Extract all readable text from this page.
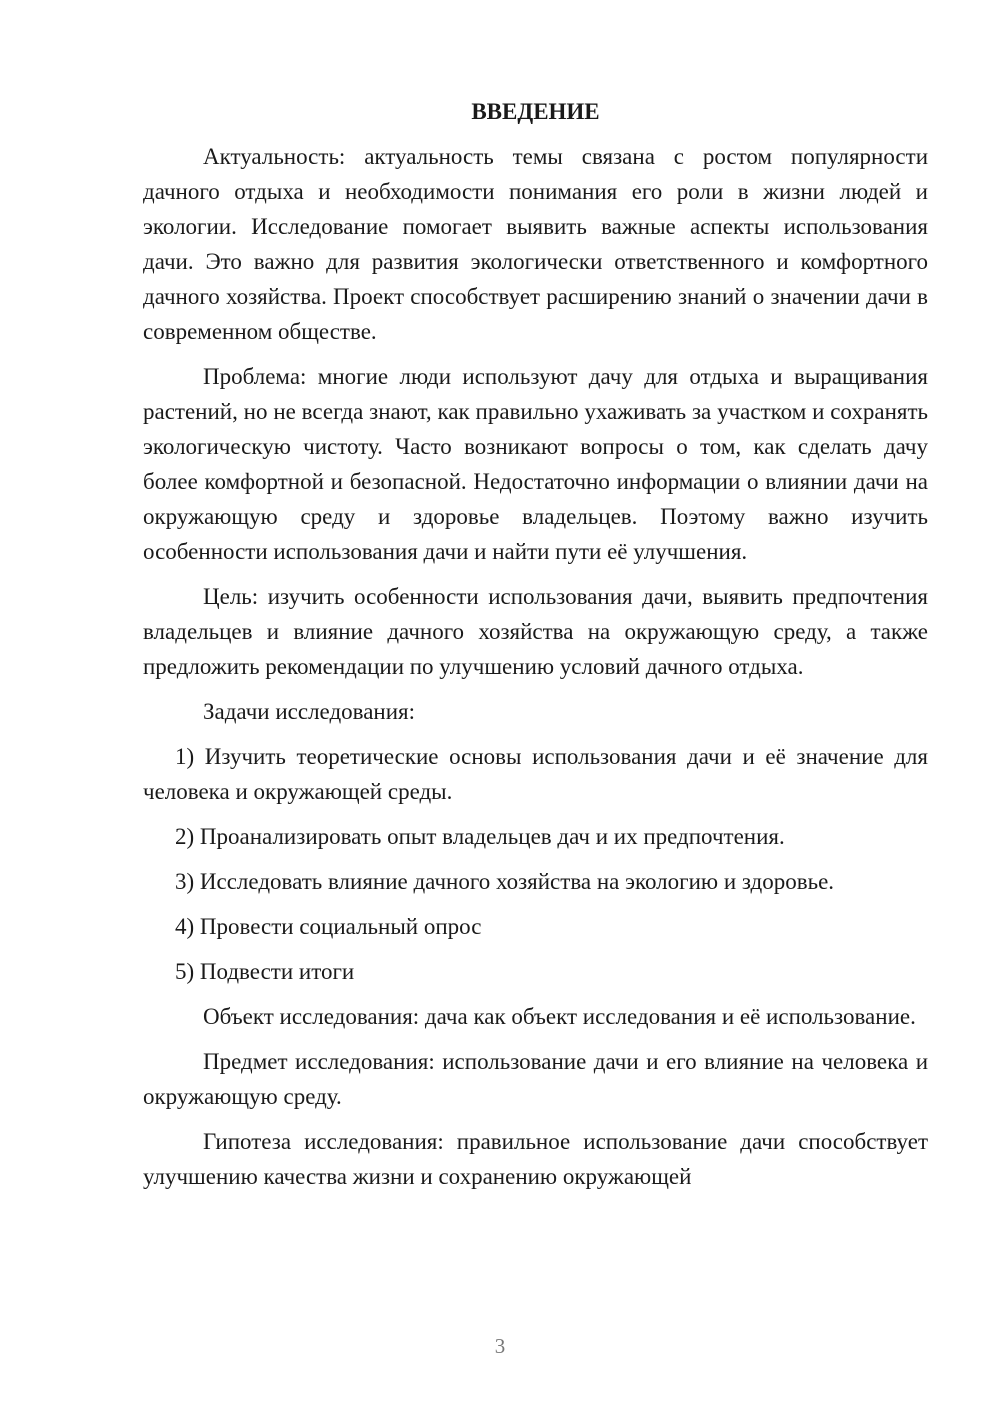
ВВЕДЕНИЕ

Актуальность: актуальность темы связана с ростом популярности дачного отдыха и необходимости понимания его роли в жизни людей и экологии. Исследование помогает выявить важные аспекты использования дачи. Это важно для развития экологически ответственного и комфортного дачного хозяйства. Проект способствует расширению знаний о значении дачи в современном обществе.

Проблема: многие люди используют дачу для отдыха и выращивания растений, но не всегда знают, как правильно ухаживать за участком и сохранять экологическую чистоту. Часто возникают вопросы о том, как сделать дачу более комфортной и безопасной. Недостаточно информации о влиянии дачи на окружающую среду и здоровье владельцев. Поэтому важно изучить особенности использования дачи и найти пути её улучшения.

Цель: изучить особенности использования дачи, выявить предпочтения владельцев и влияние дачного хозяйства на окружающую среду, а также предложить рекомендации по улучшению условий дачного отдыха.

Задачи исследования:

1) Изучить теоретические основы использования дачи и её значение для человека и окружающей среды.

2) Проанализировать опыт владельцев дач и их предпочтения.

3) Исследовать влияние дачного хозяйства на экологию и здоровье.

4) Провести социальный опрос

5) Подвести итоги

Объект исследования: дача как объект исследования и её использование.

Предмет исследования: использование дачи и его влияние на человека и окружающую среду.

Гипотеза исследования: правильное использование дачи способствует улучшению качества жизни и сохранению окружающей

3
